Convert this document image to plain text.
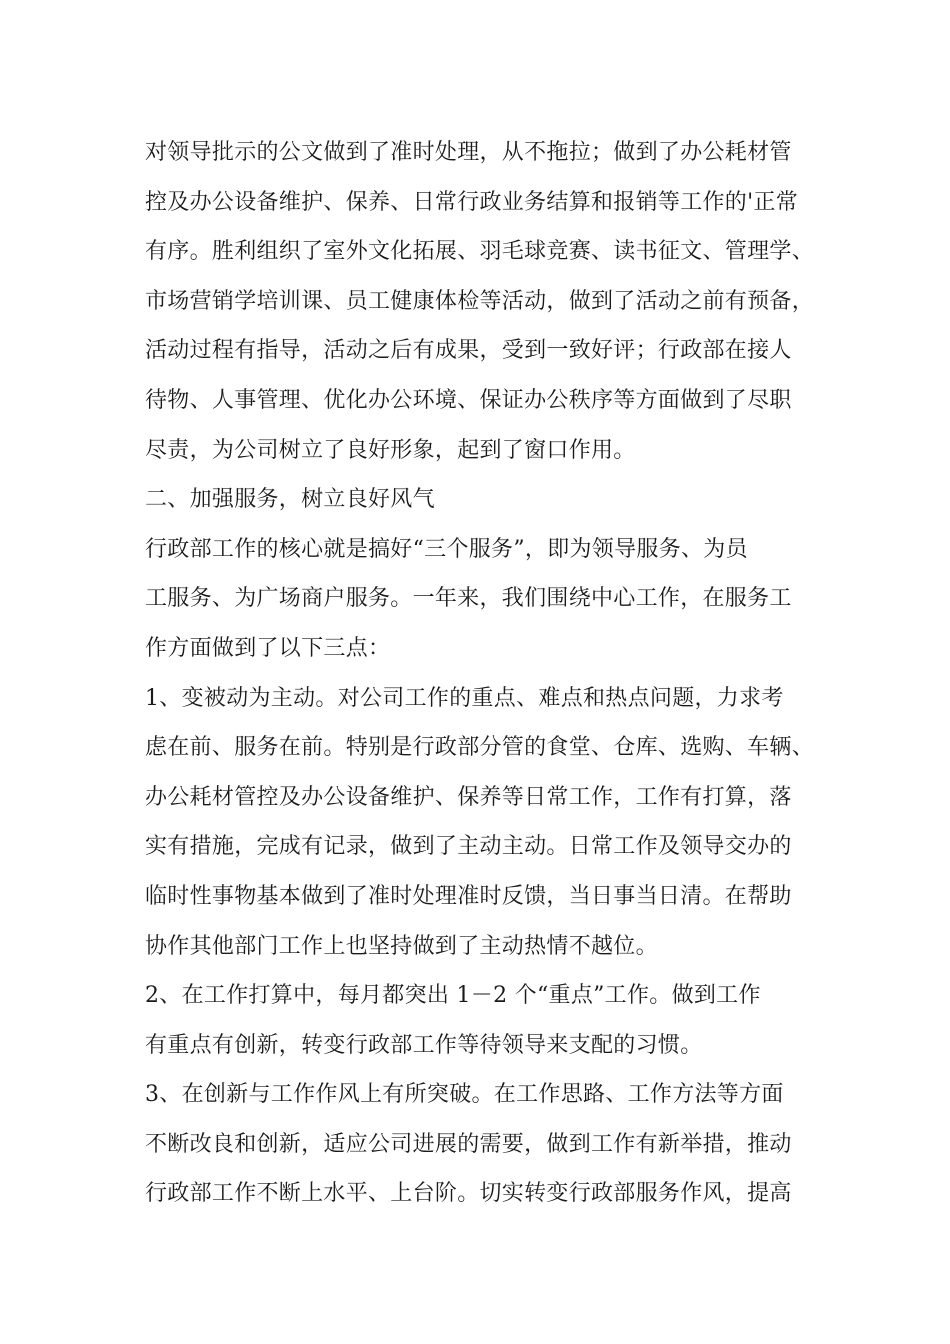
对领导批示的公文做到了准时处理，从不拖拉；做到了办公耗材管
控及办公设备维护、保养、日常行政业务结算和报销等工作的'正常
有序。胜利组织了室外文化拓展、羽毛球竞赛、读书征文、管理学、
市场营销学培训课、员工健康体检等活动，做到了活动之前有预备，
活动过程有指导，活动之后有成果，受到一致好评；行政部在接人
待物、人事管理、优化办公环境、保证办公秩序等方面做到了尽职
尽责，为公司树立了良好形象，起到了窗口作用。
二、加强服务，树立良好风气
行政部工作的核心就是搞好“三个服务”，即为领导服务、为员
工服务、为广场商户服务。一年来，我们围绕中心工作，在服务工
作方面做到了以下三点：
1、变被动为主动。对公司工作的重点、难点和热点问题，力求考
虑在前、服务在前。特别是行政部分管的食堂、仓库、选购、车辆、
办公耗材管控及办公设备维护、保养等日常工作，工作有打算，落
实有措施，完成有记录，做到了主动主动。日常工作及领导交办的
临时性事物基本做到了准时处理准时反馈，当日事当日清。在帮助
协作其他部门工作上也坚持做到了主动热情不越位。
2、在工作打算中，每月都突出 1－2 个“重点”工作。做到工作
有重点有创新，转变行政部工作等待领导来支配的习惯。
3、在创新与工作作风上有所突破。在工作思路、工作方法等方面
不断改良和创新，适应公司进展的需要，做到工作有新举措，推动
行政部工作不断上水平、上台阶。切实转变行政部服务作风，提高
